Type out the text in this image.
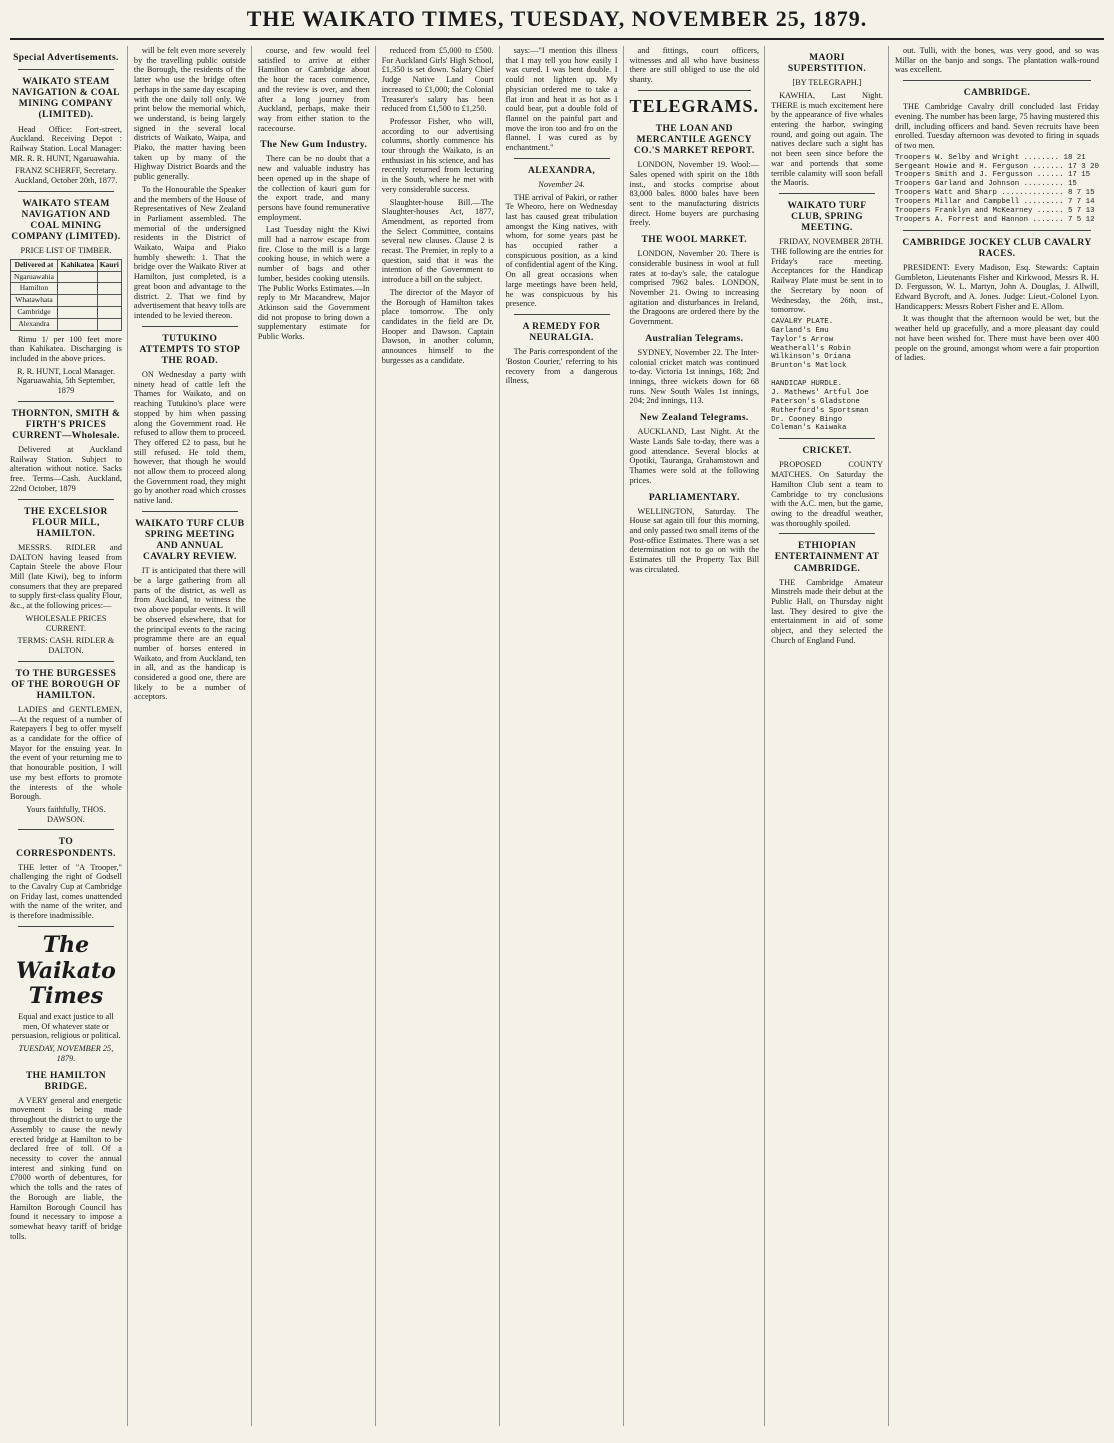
THE WAIKATO TIMES, TUESDAY, NOVEMBER 25, 1879.
Special Advertisements.
WAIKATO STEAM NAVIGATION & COAL MINING COMPANY (LIMITED).

Head Office: Fort-street, Auckland. Receiving Depot : Railway Station. Local Manager: MR. R. R. HUNT, Ngaruawahia.

FRANZ SCHERFF, Secretary. Auckland, October 20th, 1877.

WAIKATO STEAM NAVIGATION AND COAL MINING COMPANY (LIMITED).

PRICE LIST OF TIMBER.

Delivered at	Kahikatea	Kauri
Ngaruawahia		
Hamilton		
Whatawhata		
Cambridge		
Alexandra		

Rimu 1/ per 100 feet more than Kahikatea. Discharging is included in the above prices.

R. R. HUNT, Local Manager. Ngaruawahia, 5th September, 1879

THORNTON, SMITH & FIRTH'S PRICES CURRENT—Wholesale.

Delivered at Auckland Railway Station. Subject to alteration without notice. Sacks free. Terms—Cash. Auckland, 22nd October, 1879

THE EXCELSIOR FLOUR MILL, HAMILTON.

MESSRS. RIDLER and DALTON having leased from Captain Steele the above Flour Mill (late Kiwi), beg to inform consumers that they are prepared to supply first-class quality Flour, &c., at the following prices:—

WHOLESALE PRICES CURRENT.

TERMS: CASH. RIDLER & DALTON.

TO THE BURGESSES OF THE BOROUGH OF HAMILTON.

LADIES and GENTLEMEN,—At the request of a number of Ratepayers I beg to offer myself as a candidate for the office of Mayor for the ensuing year. In the event of your returning me to that honourable position, I will use my best efforts to promote the interests of the whole Borough.

Yours faithfully, THOS. DAWSON.

TO CORRESPONDENTS.

THE letter of "A Trooper," challenging the right of Godsell to the Cavalry Cup at Cambridge on Friday last, comes unattended with the name of the writer, and is therefore inadmissible.

The Waikato Times

Equal and exact justice to all men, Of whatever state or persuasion, religious or political.

TUESDAY, NOVEMBER 25, 1879.

THE HAMILTON BRIDGE.

A VERY general and energetic movement is being made throughout the district to urge the Assembly to cause the newly erected bridge at Hamilton to be declared free of toll. Of a necessity to cover the annual interest and sinking fund on £7000 worth of debentures, for which the tolls and the rates of the Borough are liable, the Hamilton Borough Council has found it necessary to impose a somewhat heavy tariff of bridge tolls.

will be felt even more severely by the travelling public outside the Borough, the residents of the latter who use the bridge often perhaps in the same day escaping with the one daily toll only. We print below the memorial which, we understand, is being largely signed in the several local districts of Waikato, Waipa, and Piako, the matter having been taken up by many of the Highway District Boards and the public generally.

To the Honourable the Speaker and the members of the House of Representatives of New Zealand in Parliament assembled. The memorial of the undersigned residents in the District of Waikato, Waipa and Piako humbly sheweth: 1. That the bridge over the Waikato River at Hamilton, just completed, is a great boon and advantage to the district. 2. That we find by advertisement that heavy tolls are intended to be levied thereon.

TUTUKINO ATTEMPTS TO STOP THE ROAD.

ON Wednesday a party with ninety head of cattle left the Thames for Waikato, and on reaching Tutukino's place were stopped by him when passing along the Government road. He refused to allow them to proceed. They offered £2 to pass, but he still refused. He told them, however, that though he would not allow them to proceed along the Government road, they might go by another road which crosses native land.

WAIKATO TURF CLUB SPRING MEETING AND ANNUAL CAVALRY REVIEW.

IT is anticipated that there will be a large gathering from all parts of the district, as well as from Auckland, to witness the two above popular events. It will be observed elsewhere, that for the principal events to the racing programme there are an equal number of horses entered in Waikato, and from Auckland, ten in all, and as the handicap is considered a good one, there are likely to be a number of acceptors.

course, and few would feel satisfied to arrive at either Hamilton or Cambridge about the hour the races commence, and the review is over, and then after a long journey from Auckland, perhaps, make their way from either station to the racecourse.

The New Gum Industry.

There can be no doubt that a new and valuable industry has been opened up in the shape of the collection of kauri gum for the export trade, and many persons have found remunerative employment.

Last Tuesday night the Kiwi mill had a narrow escape from fire. Close to the mill is a large cooking house, in which were a number of bags and other lumber, besides cooking utensils. The Public Works Estimates.—In reply to Mr Macandrew, Major Atkinson said the Government did not propose to bring down a supplementary estimate for Public Works.

reduced from £5,000 to £500. For Auckland Girls' High School, £1,350 is set down. Salary Chief Judge Native Land Court increased to £1,000; the Colonial Treasurer's salary has been reduced from £1,500 to £1,250.

Professor Fisher, who will, according to our advertising columns, shortly commence his tour through the Waikato, is an enthusiast in his science, and has recently returned from lecturing in the South, where he met with very considerable success.

Slaughter-house Bill.—The Slaughter-houses Act, 1877, Amendment, as reported from the Select Committee, contains several new clauses. Clause 2 is recast. The Premier, in reply to a question, said that it was the intention of the Government to introduce a bill on the subject.

The director of the Mayor of the Borough of Hamilton takes place tomorrow. The only candidates in the field are Dr. Hooper and Dawson. Captain Dawson, in another column, announces himself to the burgesses as a candidate.

says:—"I mention this illness that I may tell you how easily I was cured. I was bent double. I could not lighten up. My physician ordered me to take a flat iron and heat it as hot as I could bear, put a double fold of flannel on the painful part and move the iron too and fro on the flannel. I was cured as by enchantment."

ALEXANDRA,

November 24.

THE arrival of Pakiri, or rather Te Wheoro, here on Wednesday last has caused great tribulation amongst the King natives, with whom, for some years past he has occupied rather a conspicuous position, as a kind of confidential agent of the King. On all great occasions when large meetings have been held, he was conspicuous by his presence.

A REMEDY FOR NEURALGIA.

The Paris correspondent of the 'Boston Courier,' referring to his recovery from a dangerous illness,

and fittings, court officers, witnesses and all who have business there are still obliged to use the old shanty.

TELEGRAMS.
THE LOAN AND MERCANTILE AGENCY CO.'S MARKET REPORT.

LONDON, November 19. Wool:—Sales opened with spirit on the 18th inst., and stocks comprise about 83,000 bales. 8000 bales have been sent to the manufacturing districts direct. Home buyers are purchasing freely.

THE WOOL MARKET.

LONDON, November 20. There is considerable business in wool at full rates at to-day's sale, the catalogue comprised 7962 bales. LONDON, November 21. Owing to increasing agitation and disturbances in Ireland, the Dragoons are ordered there by the Government.

Australian Telegrams.

SYDNEY, November 22. The Inter-colonial cricket match was continued to-day. Victoria 1st innings, 168; 2nd innings, three wickets down for 68 runs. New South Wales 1st innings, 204; 2nd innings, 113.

New Zealand Telegrams.

AUCKLAND, Last Night. At the Waste Lands Sale to-day, there was a good attendance. Several blocks at Opotiki, Tauranga, Grahamstown and Thames were sold at the following prices.

PARLIAMENTARY.

WELLINGTON, Saturday. The House sat again till four this morning, and only passed two small items of the Post-office Estimates. There was a set determination not to go on with the Estimates till the Property Tax Bill was circulated.

MAORI SUPERSTITION.

[BY TELEGRAPH.]

KAWHIA, Last Night. THERE is much excitement here by the appearance of five whales entering the harbor, swinging round, and going out again. The natives declare such a sight has not been seen since before the war and portends that some terrible calamity will soon befall the Maoris.

WAIKATO TURF CLUB, SPRING MEETING.

FRIDAY, NOVEMBER 28TH. THE following are the entries for Friday's race meeting. Acceptances for the Handicap Railway Plate must be sent in to the Secretary by noon of Wednesday, the 26th, inst., tomorrow.

CAVALRY PLATE.
Garland's Emu
Taylor's Arrow
Weatherall's Robin
Wilkinson's Oriana
Brunton's Matlock

HANDICAP HURDLE.
J. Mathews' Artful Joe
Paterson's Gladstone
Rutherford's Sportsman
Dr. Cooney Bingo
Coleman's Kaiwaka
CRICKET.

PROPOSED COUNTY MATCHES. On Saturday the Hamilton Club sent a team to Cambridge to try conclusions with the A.C. men, but the game, owing to the dreadful weather, was thoroughly spoiled.

ETHIOPIAN ENTERTAINMENT AT CAMBRIDGE.

THE Cambridge Amateur Minstrels made their debut at the Public Hall, on Thursday night last. They desired to give the entertainment in aid of some object, and they selected the Church of England Fund.

out. Tulli, with the bones, was very good, and so was Millar on the banjo and songs. The plantation walk-round was excellent.

CAMBRIDGE.

THE Cambridge Cavalry drill concluded last Friday evening. The number has been large, 75 having mustered this drill, including officers and band. Seven recruits have been enrolled. Tuesday afternoon was devoted to firing in squads of two men.

Troopers W. Selby and Wright ........ 18 21
Sergeant Howie and H. Ferguson ....... 17 3 20
Troopers Smith and J. Fergusson ...... 17 15
Troopers Garland and Johnson ......... 15
Troopers Watt and Sharp .............. 8 7 15
Troopers Millar and Campbell ......... 7 7 14
Troopers Franklyn and McKearney ...... 5 7 13
Troopers A. Forrest and Hannon ....... 7 5 12
CAMBRIDGE JOCKEY CLUB CAVALRY RACES.

PRESIDENT: Every Madison, Esq. Stewards: Captain Gumbleton, Lieutenants Fisher and Kirkwood, Messrs R. H. D. Fergusson, W. L. Martyn, John A. Douglas, J. Allwill, Edward Bycroft, and A. Jones. Judge: Lieut.-Colonel Lyon. Handicappers: Messrs Robert Fisher and E. Allom.

It was thought that the afternoon would be wet, but the weather held up gracefully, and a more pleasant day could not have been wished for. There must have been over 400 people on the ground, amongst whom were a fair proportion of ladies.
